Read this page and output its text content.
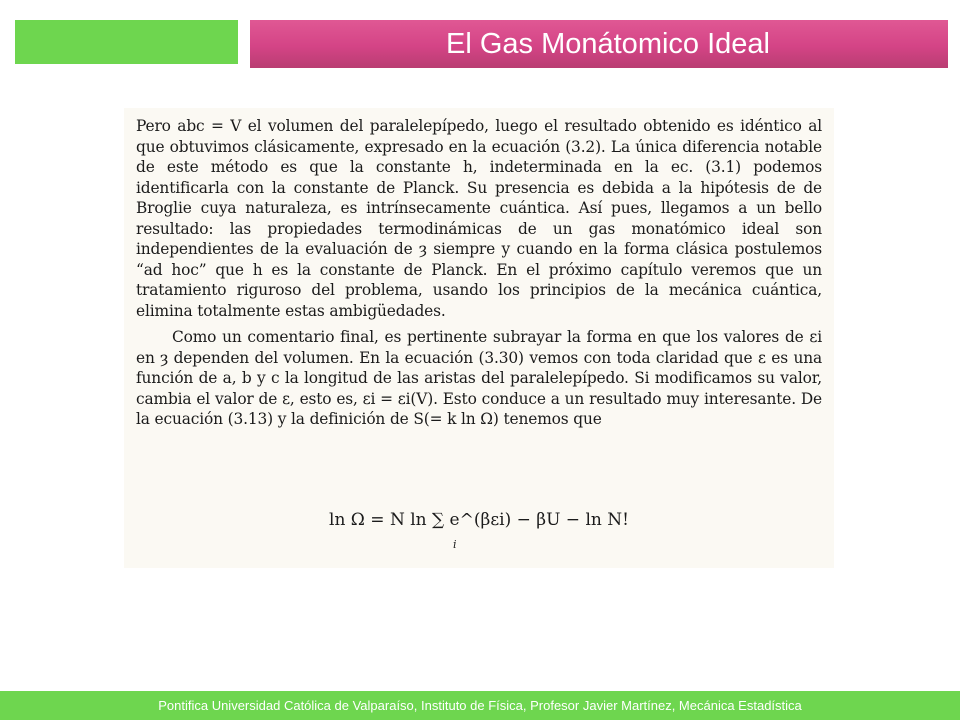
El Gas Monátomico Ideal

Pero abc = V el volumen del paralelepípedo, luego el resultado obtenido es idéntico al que obtuvimos clásicamente, expresado en la ecuación (3.2). La única diferencia notable de este método es que la constante h, indeterminada en la ec. (3.1) podemos identificarla con la constante de Planck. Su presencia es debida a la hipótesis de de Broglie cuya naturaleza, es intrínsecamente cuántica. Así pues, llegamos a un bello resultado: las propiedades termodinámicas de un gas monatómico ideal son independientes de la evaluación de ȝ siempre y cuando en la forma clásica postulemos “ad hoc” que h es la constante de Planck. En el próximo capítulo veremos que un tratamiento riguroso del problema, usando los principios de la mecánica cuántica, elimina totalmente estas ambigüedades.

Como un comentario final, es pertinente subrayar la forma en que los valores de εi en ȝ dependen del volumen. En la ecuación (3.30) vemos con toda claridad que ε es una función de a, b y c la longitud de las aristas del paralelepípedo. Si modificamos su valor, cambia el valor de ε, esto es, εi = εi(V). Esto conduce a un resultado muy interesante. De la ecuación (3.13) y la definición de S(= k ln Ω) tenemos que

ln Ω = N ln ∑ e^(βεi) − βU − ln N!
i
Pontifica Universidad Católica de Valparaíso, Instituto de Física, Profesor Javier Martínez, Mecánica Estadística
